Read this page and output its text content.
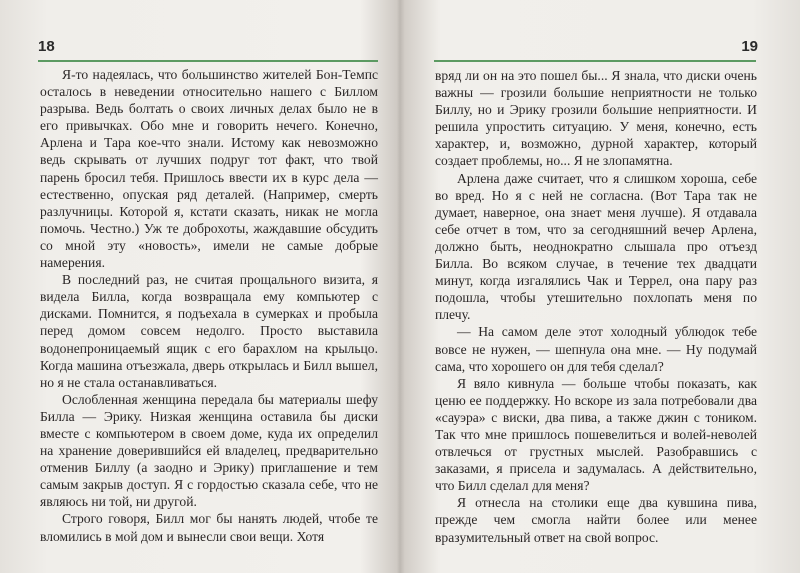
18

Я-то надеялась, что большинство жителей Бон-Темпс осталось в неведении относительно нашего с Биллом разрыва. Ведь болтать о своих личных делах было не в его привычках. Обо мне и говорить нечего. Конечно, Арлена и Тара кое-что знали. Истому как невозможно ведь скрывать от лучших подруг тот факт, что твой парень бросил тебя. Пришлось ввести их в курс дела — естественно, опуская ряд деталей. (Например, смерть разлучницы. Которой я, кстати сказать, никак не могла помочь. Честно.) Уж те доброхоты, жаждавшие обсудить со мной эту «новость», имели не самые добрые намерения.

В последний раз, не считая прощального визита, я видела Билла, когда возвращала ему компьютер с дисками. Помнится, я подъехала в сумерках и пробыла перед домом совсем недолго. Просто выставила водонепроницаемый ящик с его барахлом на крыльцо. Когда машина отъезжала, дверь открылась и Билл вышел, но я не стала останавливаться.

Ослобленная женщина передала бы материалы шефу Билла — Эрику. Низкая женщина оставила бы диски вместе с компьютером в своем доме, куда их определил на хранение доверившийся ей владелец, предварительно отменив Биллу (а заодно и Эрику) приглашение и тем самым закрыв доступ. Я с гордостью сказала себе, что не являюсь ни той, ни другой.

Строго говоря, Билл мог бы нанять людей, чтобе те вломились в мой дом и вынесли свои вещи. Хотя

19

вряд ли он на это пошел бы... Я знала, что диски очень важны — грозили большие неприятности не только Биллу, но и Эрику грозили большие неприятности. И решила упростить ситуацию. У меня, конечно, есть характер, и, возможно, дурной характер, который создает проблемы, но... Я не злопамятна.

Арлена даже считает, что я слишком хороша, себе во вред. Но я с ней не согласна. (Вот Тара так не думает, наверное, она знает меня лучше). Я отдавала себе отчет в том, что за сегодняшний вечер Арлена, должно быть, неоднократно слышала про отъезд Билла. Во всяком случае, в течение тех двадцати минут, когда изгалялись Чак и Террел, она пару раз подошла, чтобы утешительно похлопать меня по плечу.

— На самом деле этот холодный ублюдок тебе вовсе не нужен, — шепнула она мне. — Ну подумай сама, что хорошего он для тебя сделал?

Я вяло кивнула — больше чтобы показать, как ценю ее поддержку. Но вскоре из зала потребовали два «сауэра» с виски, два пива, а также джин с тоником. Так что мне пришлось пошевелиться и волей-неволей отвлечься от грустных мыслей. Разобравшись с заказами, я присела и задумалась. А действительно, что Билл сделал для меня?

Я отнесла на столики еще два кувшина пива, прежде чем смогла найти более или менее вразумительный ответ на свой вопрос.
